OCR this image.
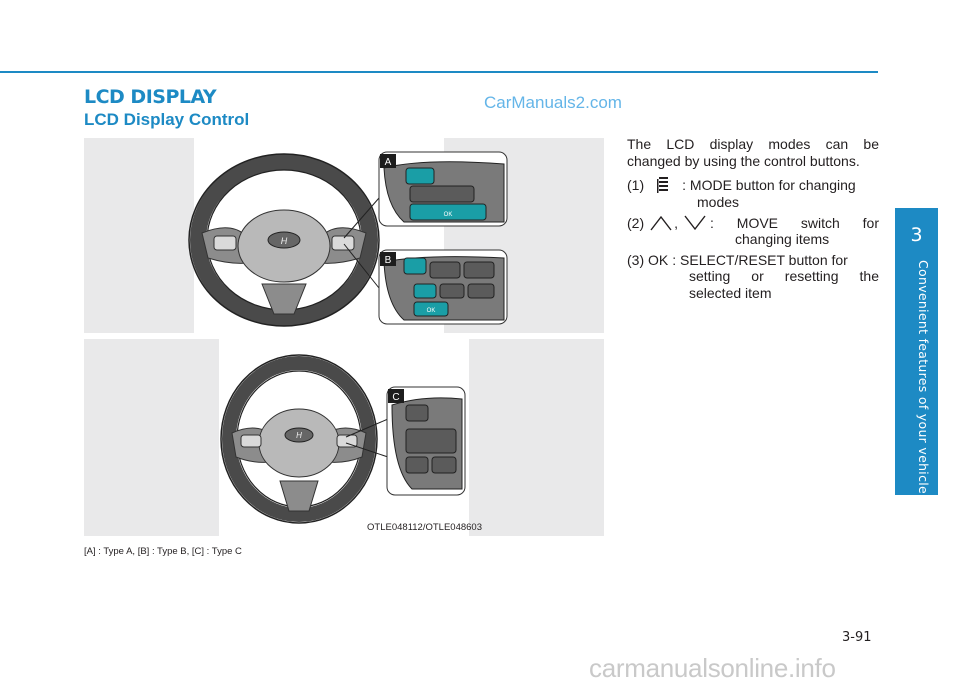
LCD DISPLAY	CarManuals2.com
LCD Display Control
H
OK
A
OK
B
H
C
OTLE048112/OTLE048603
[A] : Type A, [B] : Type B, [C] : Type C

The LCD display modes can be changed by using the control buttons.

(1)	: MODE button for changing
modes
(2) , : MOVE switch for
changing items
(3) OK : SELECT/RESET button for
setting or resetting the
selected item
3
Convenient features of your vehicle
3-91
carmanualsonline.info
